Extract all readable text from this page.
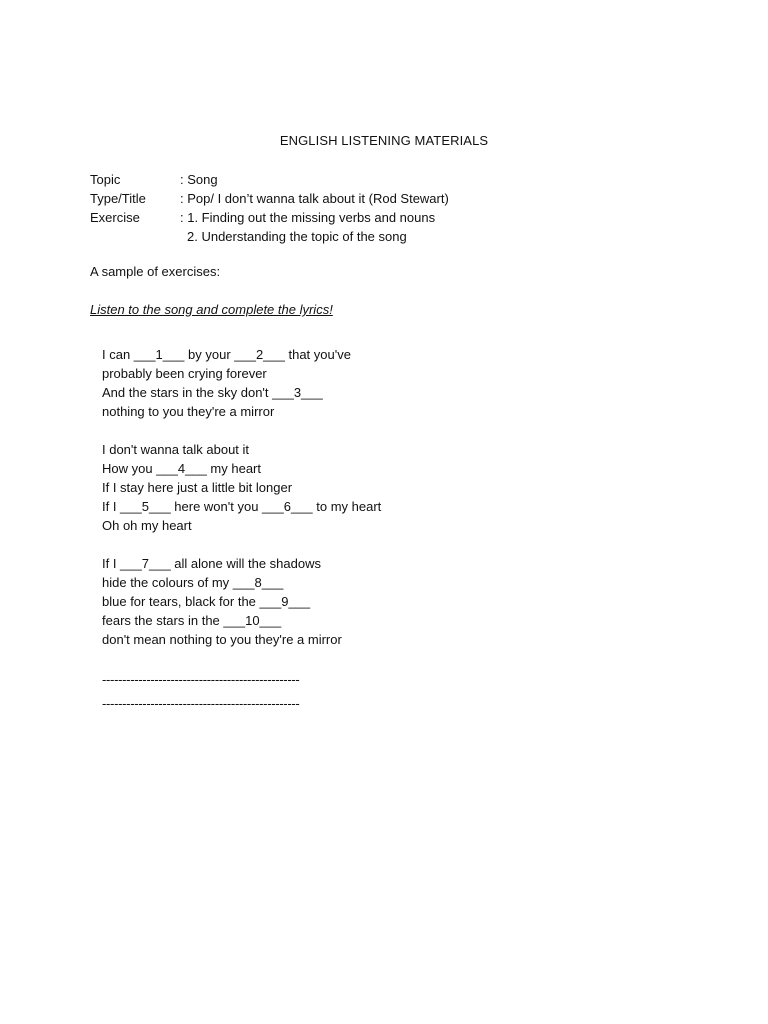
ENGLISH LISTENING MATERIALS
Topic	: Song
Type/Title	: Pop/ I don’t wanna talk about it (Rod Stewart)
Exercise	: 1. Finding out the missing verbs and nouns
2. Understanding the topic of the song
A sample of exercises:
Listen to the song and complete the lyrics!
I can ___1___ by your ___2___ that you've
probably been crying forever
And the stars in the sky don't ___3___
nothing to you they're a mirror
I don't wanna talk about it
How you ___4___ my heart
If I stay here just a little bit longer
If I ___5___ here won't you ___6___ to my heart
Oh oh my heart
If I ___7___ all alone will the shadows
hide the colours of my ___8___
blue for tears, black for the ___9___
fears the stars in the ___10___
don't mean nothing to you they're a mirror
-------------------------------------------------
-------------------------------------------------
